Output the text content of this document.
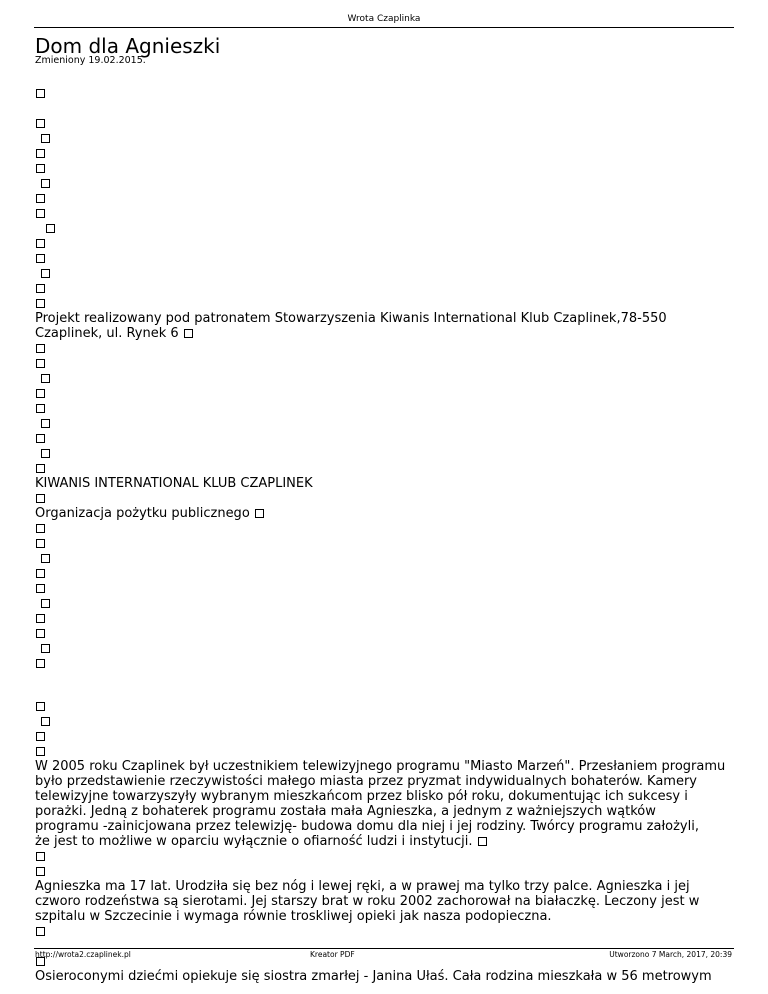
Wrota Czaplinka
Dom dla Agnieszki
Zmieniony 19.02.2015.
Projekt realizowany pod patronatem Stowarzyszenia Kiwanis International Klub Czaplinek,78-550
Czaplinek, ul. Rynek 6
KIWANIS INTERNATIONAL KLUB CZAPLINEK
Organizacja pożytku publicznego
W 2005 roku Czaplinek był uczestnikiem telewizyjnego programu "Miasto Marzeń". Przesłaniem programu
było przedstawienie rzeczywistości małego miasta przez pryzmat indywidualnych bohaterów. Kamery
telewizyjne towarzyszyły wybranym mieszkańcom przez blisko pół roku, dokumentując ich sukcesy i
porażki. Jedną z bohaterek programu została mała Agnieszka, a jednym z ważniejszych wątków
programu -zainicjowana przez telewizję- budowa domu dla niej i jej rodziny. Twórcy programu założyli,
że jest to możliwe w oparciu wyłącznie o ofiarność ludzi i instytucji.
Agnieszka ma 17 lat. Urodziła się bez nóg i lewej ręki, a w prawej ma tylko trzy palce. Agnieszka i jej
czworo rodzeństwa są sierotami. Jej starszy brat w roku 2002 zachorował na białaczkę. Leczony jest w
szpitalu w Szczecinie i wymaga równie troskliwej opieki jak nasza podopieczna.
Osieroconymi dziećmi opiekuje się siostra zmarłej - Janina Ułaś. Cała rodzina mieszkała w 56 metrowym
http://wrota2.czaplinek.pl	Kreator PDF	Utworzono 7 March, 2017, 20:39
